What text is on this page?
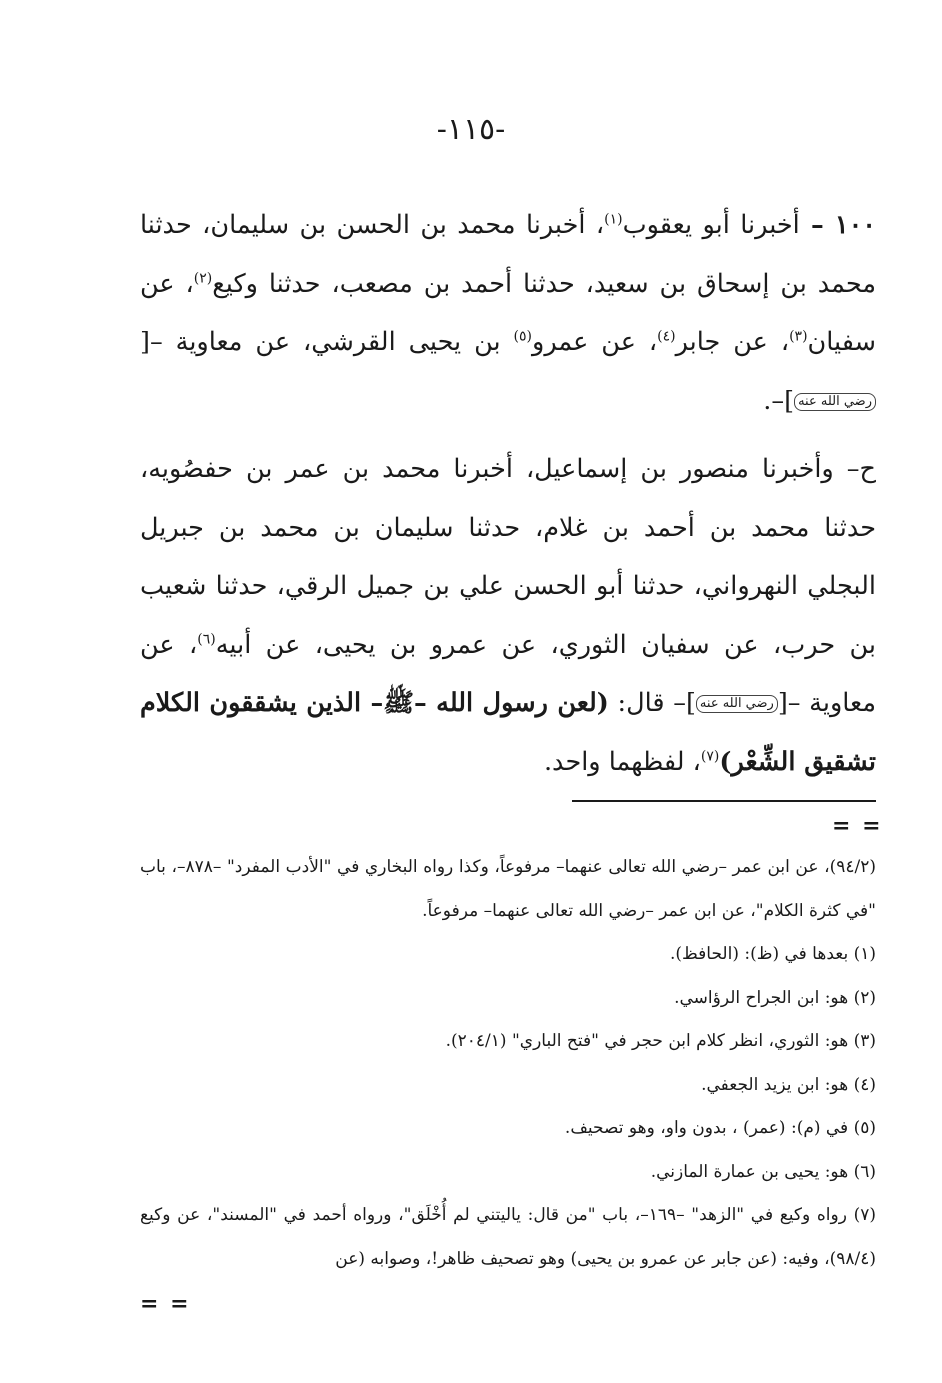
-١١٥-

١٠٠ – أخبرنا أبو يعقوب$^{(١)}$، أخبرنا محمد بن الحسن بن سليمان، حدثنا محمد بن إسحاق بن سعيد، حدثنا أحمد بن مصعب، حدثنا وكيع$^{(٢)}$، عن سفيان$^{(٣)}$، عن جابر$^{(٤)}$، عن عمرو$^{(٥)}$ بن يحيى القرشي، عن معاوية –[رضي الله عنه]–.

ح– وأخبرنا منصور بن إسماعيل، أخبرنا محمد بن عمر بن حفصُويه، حدثنا محمد بن أحمد بن غلام، حدثنا سليمان بن محمد بن جبريل البجلي النهرواني، حدثنا أبو الحسن علي بن جميل الرقي، حدثنا شعيب بن حرب، عن سفيان الثوري، عن عمرو بن يحيى، عن أبيه$^{(٦)}$، عن معاوية –[رضي الله عنه]– قال: (لعن رسول الله –ﷺ– الذين يشققون الكلام تشقيق الشِّعْر)$^{(٧)}$، لفظهما واحد.

= =

(٩٤/٢)، عن ابن عمر –رضي الله تعالى عنهما– مرفوعاً، وكذا رواه البخاري في "الأدب المفرد" –٨٧٨–، باب "في كثرة الكلام"، عن ابن عمر –رضي الله تعالى عنهما– مرفوعاً.

(١) بعدها في (ظ): (الحافظ).

(٢) هو: ابن الجراح الرؤاسي.

(٣) هو: الثوري، انظر كلام ابن حجر في "فتح الباري" (٢٠٤/١).

(٤) هو: ابن يزيد الجعفي.

(٥) في (م): (عمر) ، بدون واو، وهو تصحيف.

(٦) هو: يحيى بن عمارة المازني.

(٧) رواه وكيع في "الزهد" –١٦٩–، باب "من قال: ياليتني لم أُخْلَق"، ورواه أحمد في "المسند"، عن وكيع (٩٨/٤)، وفيه: (عن جابر عن عمرو بن يحيى) وهو تصحيف ظاهر!، وصوابه (عن

= =
